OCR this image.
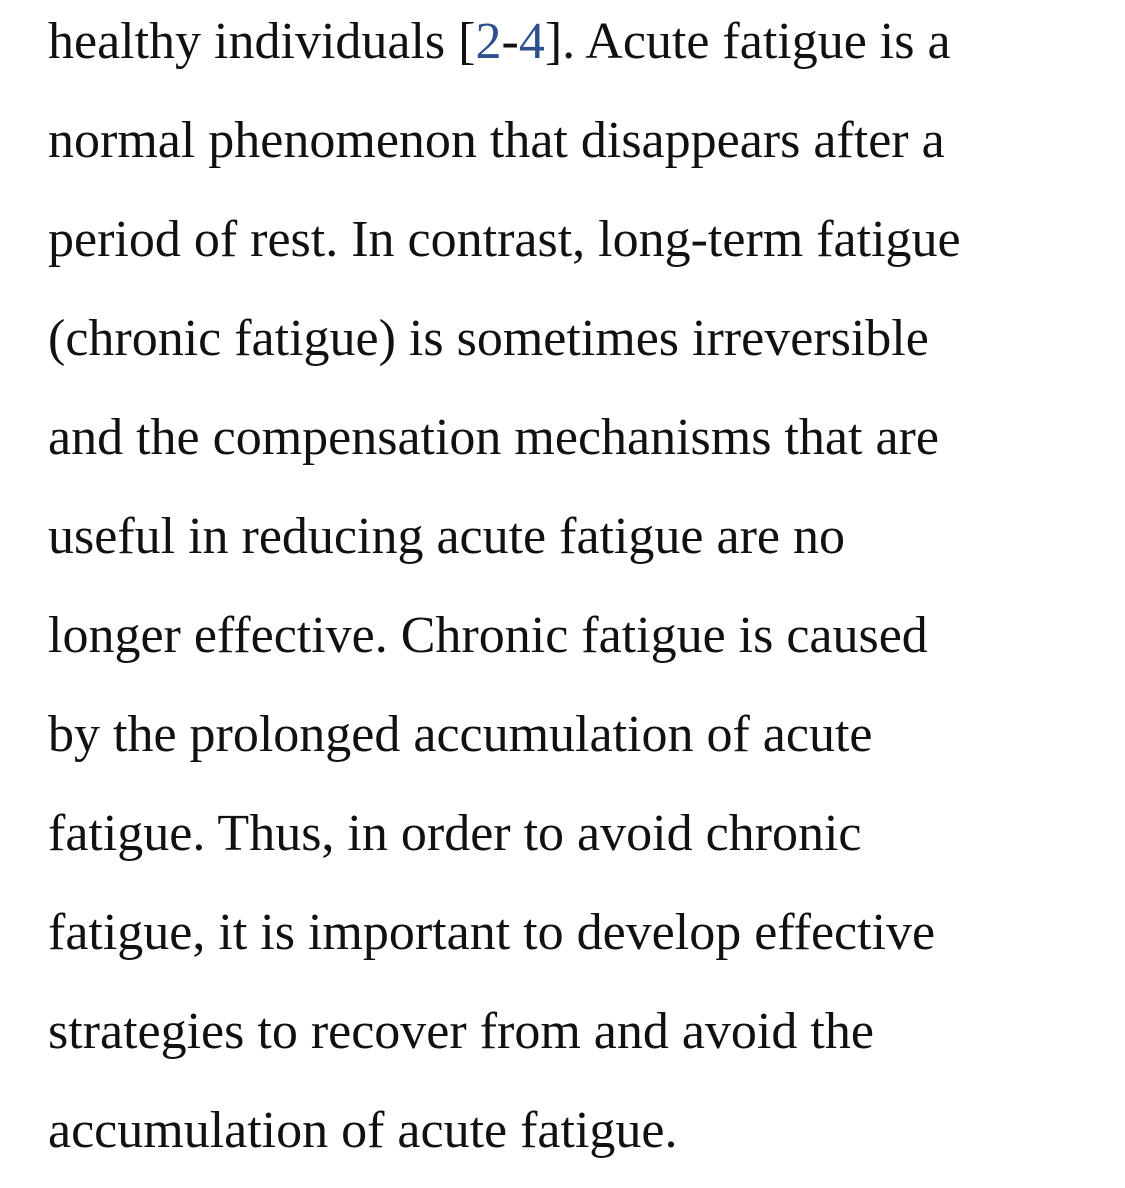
healthy individuals [2-4]. Acute fatigue is a
normal phenomenon that disappears after a
period of rest. In contrast, long-term fatigue
(chronic fatigue) is sometimes irreversible
and the compensation mechanisms that are
useful in reducing acute fatigue are no
longer effective. Chronic fatigue is caused
by the prolonged accumulation of acute
fatigue. Thus, in order to avoid chronic
fatigue, it is important to develop effective
strategies to recover from and avoid the
accumulation of acute fatigue.
